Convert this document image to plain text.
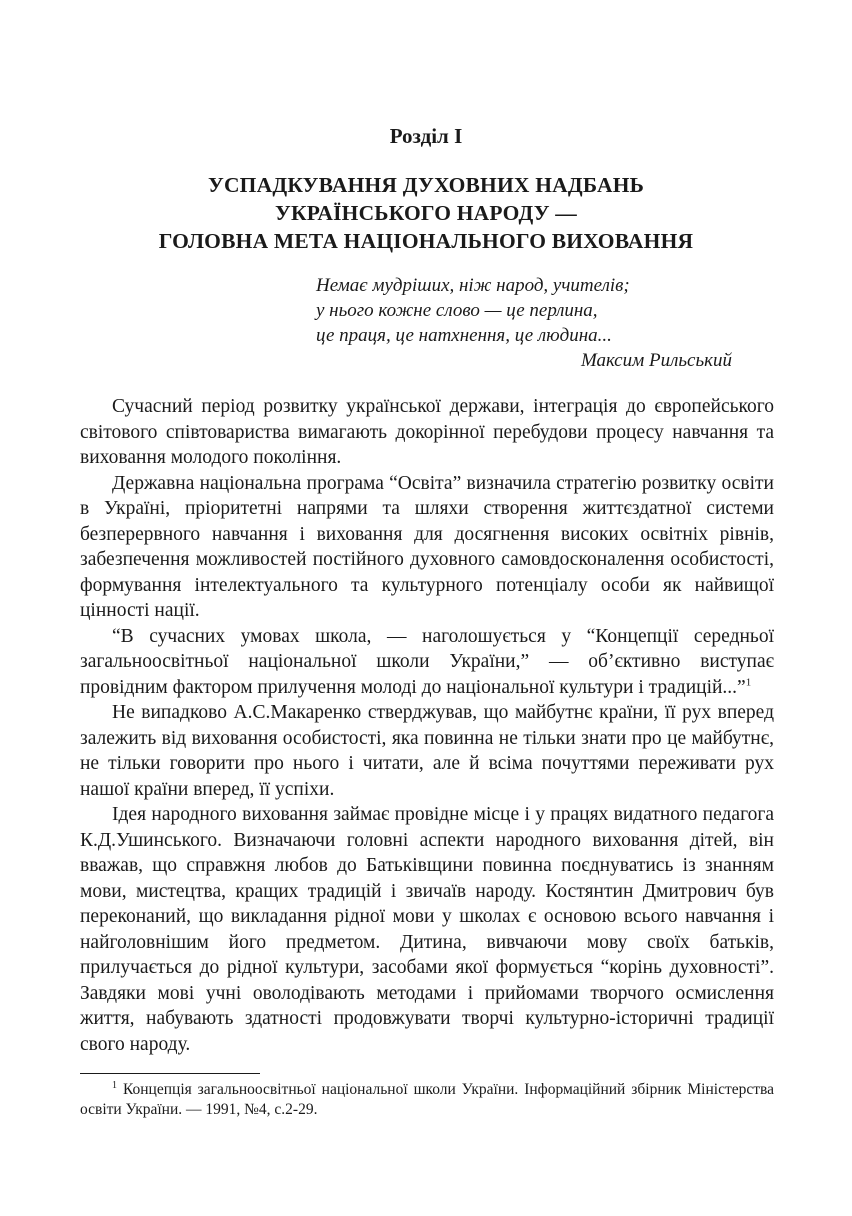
Розділ І
УСПАДКУВАННЯ ДУХОВНИХ НАДБАНЬ
УКРАЇНСЬКОГО НАРОДУ —
ГОЛОВНА МЕТА НАЦІОНАЛЬНОГО ВИХОВАННЯ
Немає мудріших, ніж народ, учителів;
у нього кожне слово — це перлина,
це праця, це натхнення, це людина...
Максим Рильський

Сучасний період розвитку української держави, інтеграція до європейського світового співтовариства вимагають докорінної перебудови процесу навчання та виховання молодого покоління.

Державна національна програма “Освіта” визначила стратегію розвитку освіти в Україні, пріоритетні напрями та шляхи створення життєздатної системи безперервного навчання і виховання для досягнення високих освітніх рівнів, забезпечення можливостей постійного духовного самовдосконалення особистості, формування інтелектуального та культурного потенціалу особи як найвищої цінності нації.

“В сучасних умовах школа, — наголошується у “Концепції середньої загальноосвітньої національної школи України,” — об’єктивно виступає провідним фактором прилучення молоді до національної культури і традицій...”$^1$

Не випадково А.С.Макаренко стверджував, що майбутнє країни, її рух вперед залежить від виховання особистості, яка повинна не тільки знати про це майбутнє, не тільки говорити про нього і читати, але й всіма почуттями переживати рух нашої країни вперед, її успіхи.

Ідея народного виховання займає провідне місце і у працях видатного педагога К.Д.Ушинського. Визначаючи головні аспекти народного виховання дітей, він вважав, що справжня любов до Батьківщини повинна поєднуватись із знанням мови, мистецтва, кращих традицій і звичаїв народу. Костянтин Дмитрович був переконаний, що викладання рідної мови у школах є основою всього навчання і найголовнішим його предметом. Дитина, вивчаючи мову своїх батьків, прилучається до рідної культури, засобами якої формується “корінь духовності”. Завдяки мові учні оволодівають методами і прийомами творчого осмислення життя, набувають здатності продовжувати творчі культурно-історичні традиції свого народу.

$^1$ Концепція загальноосвітньої національної школи України. Інформаційний збірник Міністерства освіти України. — 1991, №4, с.2-29.
